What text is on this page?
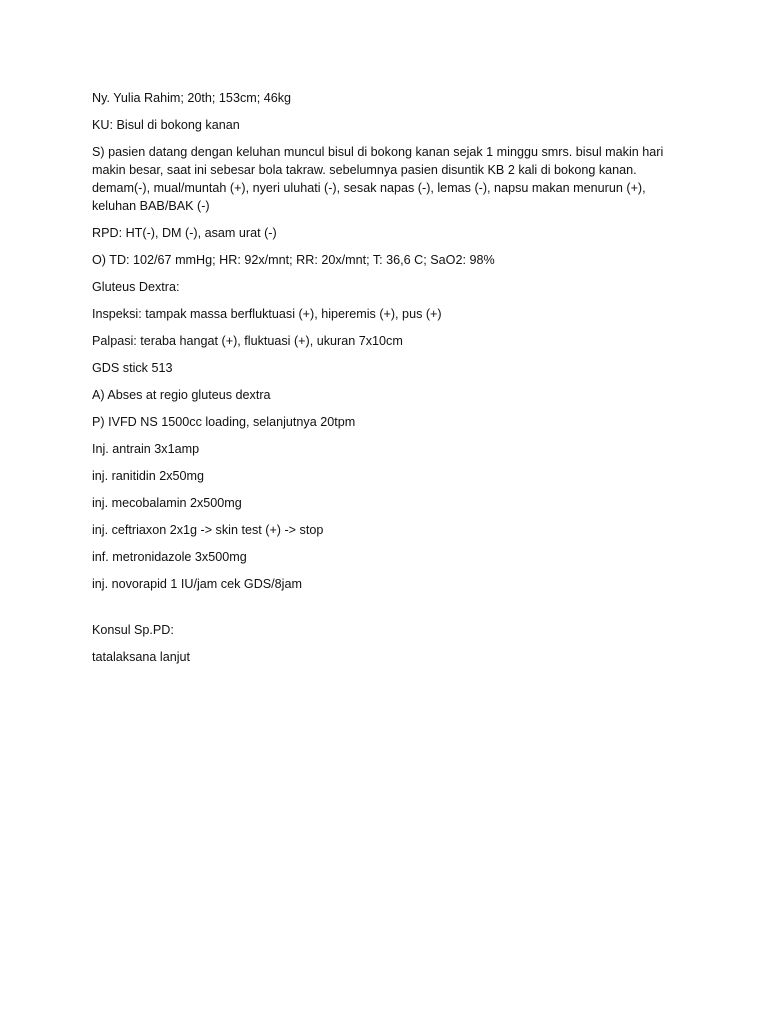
Ny. Yulia Rahim; 20th; 153cm; 46kg

KU: Bisul di bokong kanan

S) pasien datang dengan keluhan muncul bisul di bokong kanan sejak 1 minggu smrs. bisul makin hari makin besar, saat ini sebesar bola takraw. sebelumnya pasien disuntik KB 2 kali di bokong kanan. demam(-), mual/muntah (+), nyeri uluhati (-), sesak napas (-), lemas (-), napsu makan menurun (+), keluhan BAB/BAK (-)

RPD: HT(-), DM (-), asam urat (-)

O) TD: 102/67 mmHg; HR: 92x/mnt; RR: 20x/mnt; T: 36,6 C; SaO2: 98%

Gluteus Dextra:

Inspeksi: tampak massa berfluktuasi (+), hiperemis (+), pus (+)

Palpasi: teraba hangat (+), fluktuasi (+), ukuran 7x10cm

GDS stick 513

A) Abses at regio gluteus dextra

P) IVFD NS 1500cc loading, selanjutnya 20tpm

Inj. antrain 3x1amp

inj. ranitidin 2x50mg

inj. mecobalamin 2x500mg

inj. ceftriaxon 2x1g -> skin test (+) -> stop

inf. metronidazole 3x500mg

inj. novorapid 1 IU/jam cek GDS/8jam

Konsul Sp.PD:

tatalaksana lanjut
